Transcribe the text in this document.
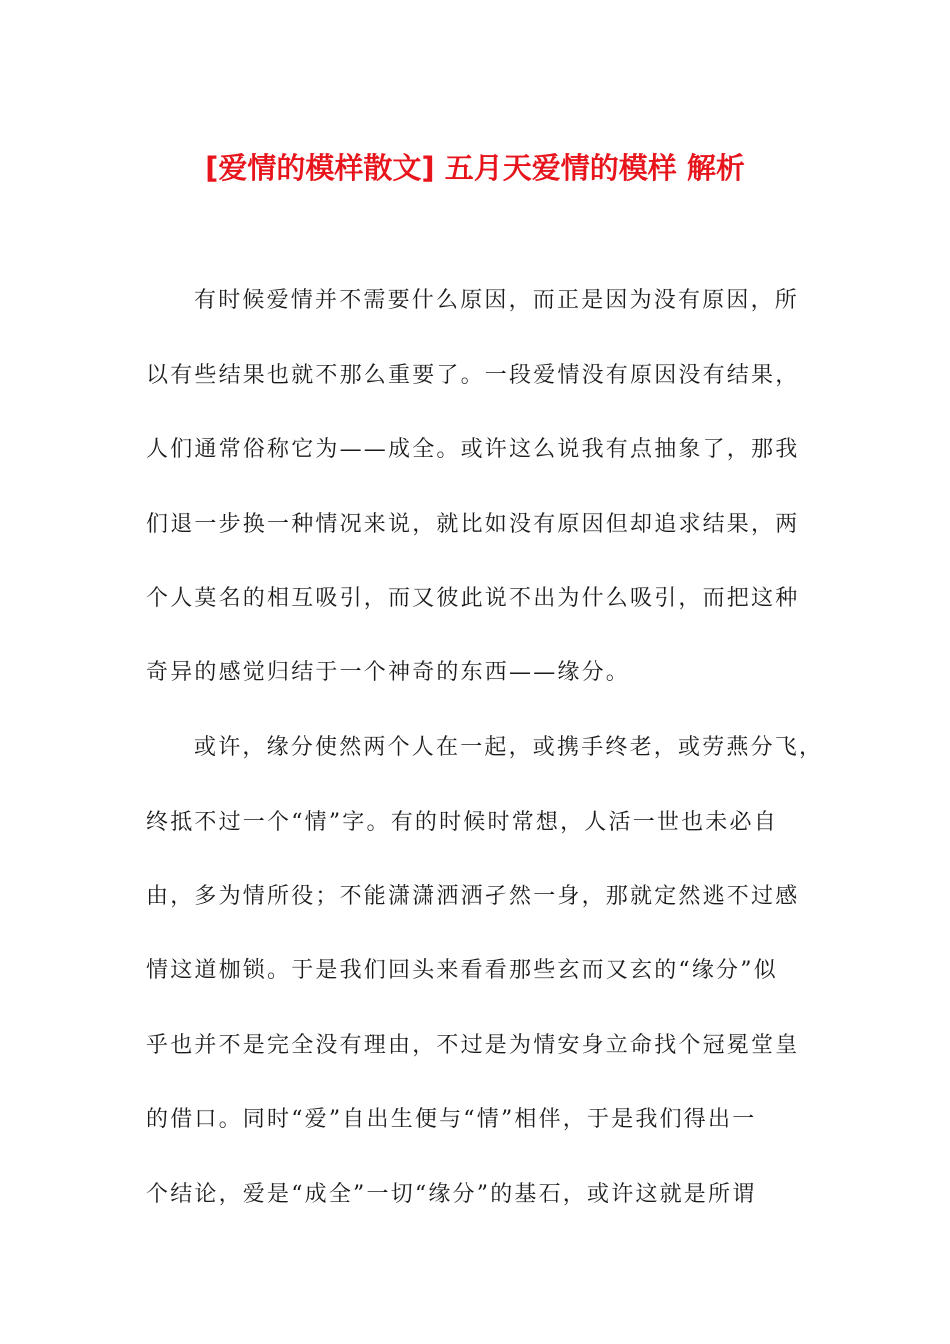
[爱情的模样散文] 五月天爱情的模样 解析
有时候爱情并不需要什么原因，而正是因为没有原因，所
以有些结果也就不那么重要了。一段爱情没有原因没有结果，
人们通常俗称它为——成全。或许这么说我有点抽象了，那我
们退一步换一种情况来说，就比如没有原因但却追求结果，两
个人莫名的相互吸引，而又彼此说不出为什么吸引，而把这种
奇异的感觉归结于一个神奇的东西——缘分。
或许，缘分使然两个人在一起，或携手终老，或劳燕分飞，
终抵不过一个“情”字。有的时候时常想，人活一世也未必自
由，多为情所役；不能潇潇洒洒孑然一身，那就定然逃不过感
情这道枷锁。于是我们回头来看看那些玄而又玄的“缘分”似
乎也并不是完全没有理由，不过是为情安身立命找个冠冕堂皇
的借口。同时“爱”自出生便与“情”相伴，于是我们得出一
个结论，爱是“成全”一切“缘分”的基石，或许这就是所谓
